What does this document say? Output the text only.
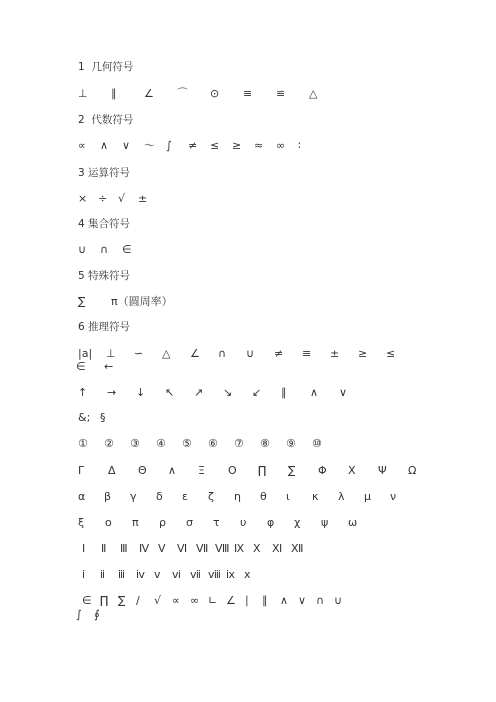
1  几何符号
⊥ ∥	∠ ⌒ ⊙ ≡ ≌ △
2  代数符号
∝ ∧ ∨ ～ ∫ ≠ ≤ ≥ ≈ ∞ ∶
3 运算符号
× ÷ √ ±
4 集合符号
∪ ∩ ∈
5 特殊符号
∑ π（圆周率）
6 推理符号
|a| ⊥ ∽ △ ∠ ∩ ∪ ≠ ≡ ± ≥ ≤
∈ ←
↑ → ↓ ↖ ↗ ↘ ↙ ∥ ∧ ∨
&; §
① ② ③ ④ ⑤ ⑥ ⑦ ⑧ ⑨ ⑩
Γ Δ Θ ∧ Ξ Ο ∏ ∑ Φ Χ Ψ Ω
α β γ δ ε ζ η θ ι κ λ μ ν
ξ ο π ρ σ τ υ φ χ ψ ω
Ⅰ Ⅱ Ⅲ Ⅳ Ⅴ Ⅵ Ⅶ Ⅷ Ⅸ Ⅹ Ⅺ Ⅻ
ⅰ ⅱ ⅲ ⅳ ⅴ ⅵ ⅶ ⅷ ⅸ ⅹ
∈ ∏ ∑ ∕ √ ∝ ∞ ∟ ∠ ∣ ∥ ∧ ∨ ∩ ∪
∫ ∮
